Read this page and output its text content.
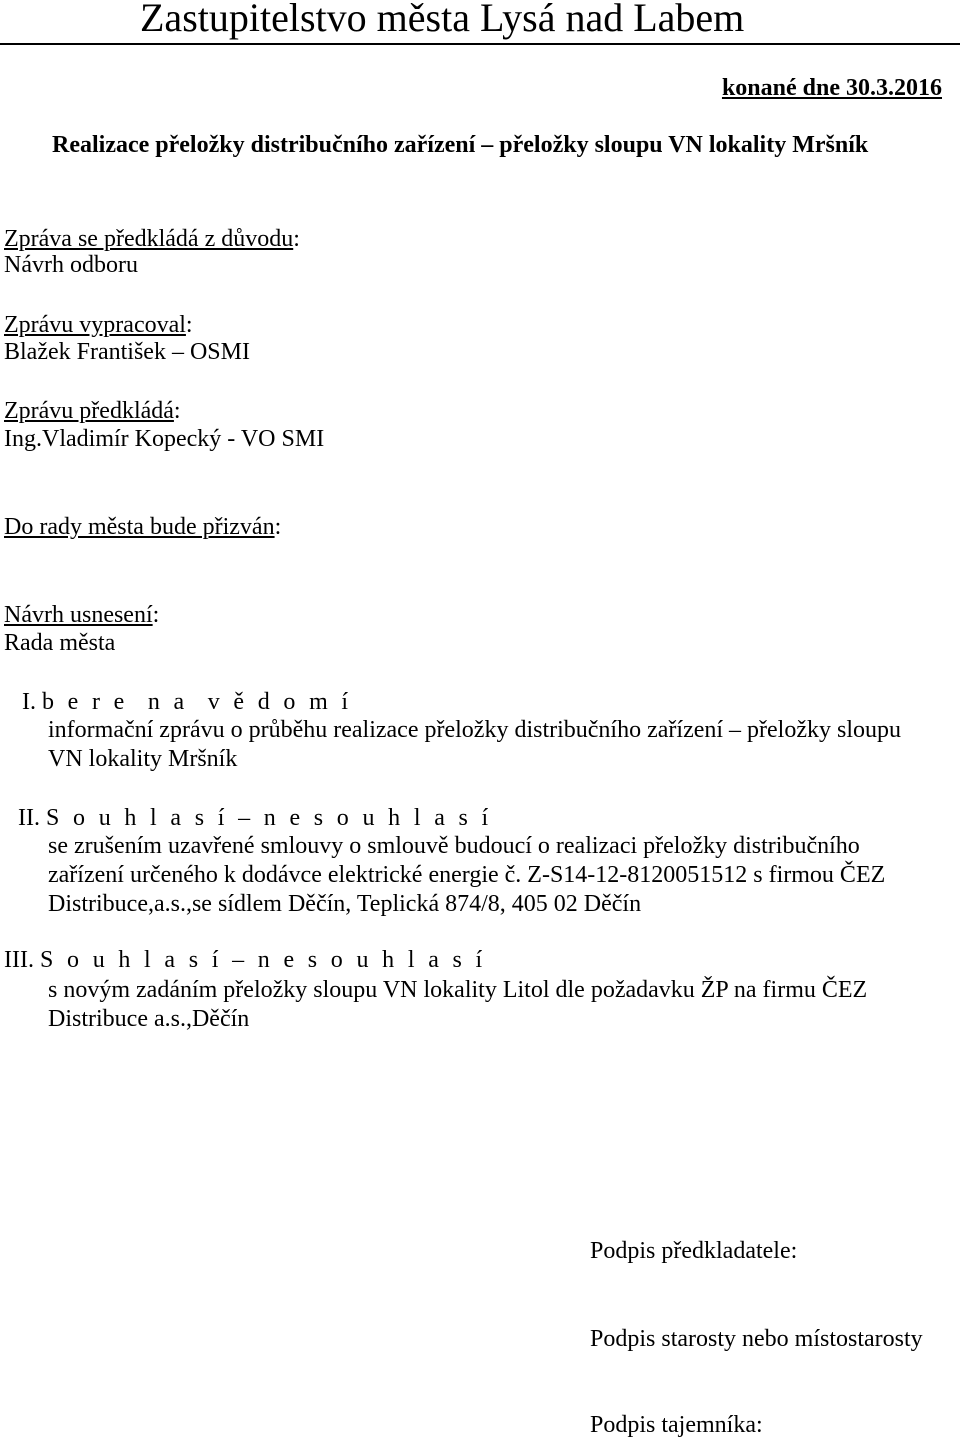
Zastupitelstvo města Lysá nad Labem
konané dne 30.3.2016
Realizace přeložky distribučního zařízení – přeložky sloupu VN lokality Mršník
Zpráva se předkládá z důvodu:
Návrh odboru
Zprávu vypracoval:
Blažek František – OSMI
Zprávu předkládá:
Ing.Vladimír Kopecký - VO SMI
Do rady města bude přizván:
Návrh usnesení:
Rada města
I. b e r e  n a  v ě d o m í
informační zprávu o průběhu realizace přeložky distribučního zařízení – přeložky sloupu
VN lokality Mršník
II. S o u h l a s í – n e s o u h l a s í
se zrušením uzavřené smlouvy o smlouvě budoucí o realizaci přeložky distribučního
zařízení určeného k dodávce elektrické energie č. Z-S14-12-8120051512 s firmou ČEZ
Distribuce,a.s.,se sídlem Děčín, Teplická 874/8, 405 02 Děčín
III. S o u h l a s í – n e s o u h l a s í
s novým zadáním přeložky sloupu VN lokality Litol dle požadavku ŽP na firmu ČEZ
Distribuce a.s.,Děčín
Podpis předkladatele:
Podpis starosty nebo místostarosty
Podpis tajemníka:
